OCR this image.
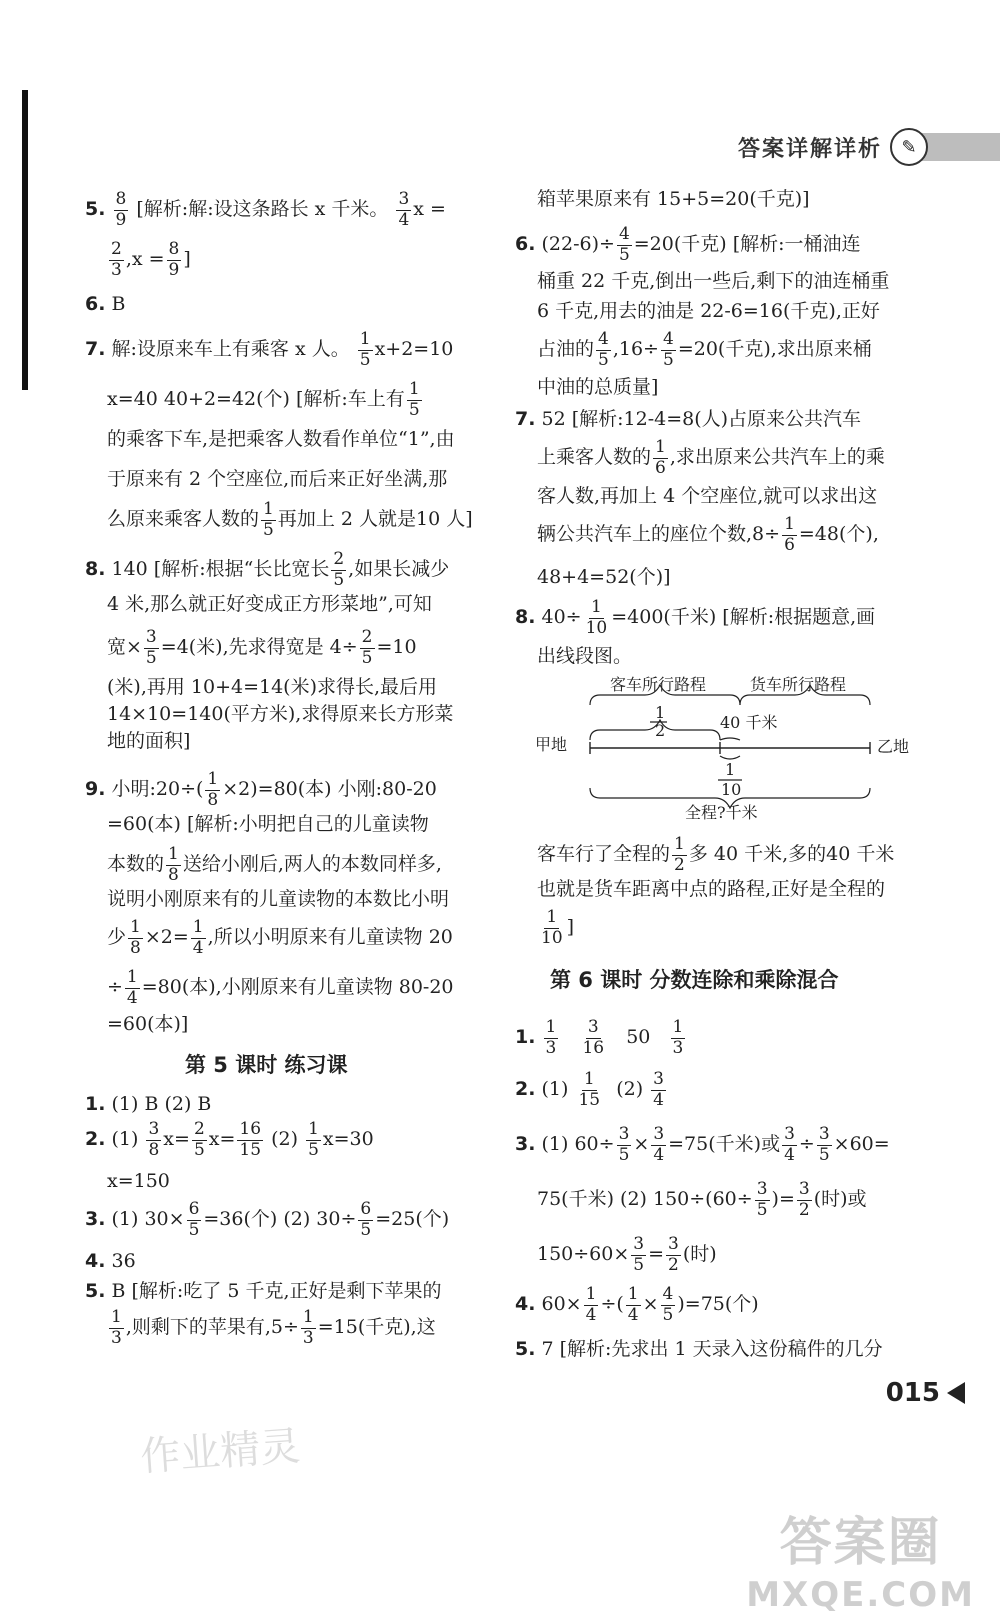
答案详解详析	✎
5. $\frac{8}{9}$ [解析:解:设这条路长 x 千米。 $\frac{3}{4}$ x =
$\frac{2}{3} ,x = \frac{8}{9}$ ]
6. B
7. 解:设原来车上有乘客 x 人。 $\frac{1}{5} x+2=10$
x=40 40+2=42(个) [解析:车上有 $\frac{1}{5}$
的乘客下车,是把乘客人数看作单位“1”,由
于原来有 2 个空座位,而后来正好坐满,那
么原来乘客人数的 $\frac{1}{5}$ 再加上 2 人就是10 人]
8. 140 [解析:根据“长比宽长 $\frac{2}{5}$ ,如果长减少
4 米,那么就正好变成正方形菜地”,可知
宽× $\frac{3}{5} =4$(米),先求得宽是 $4\div \frac{2}{5} =10$
(米),再用 10+4=14(米)求得长,最后用
14×10=140(平方米),求得原来长方形菜
地的面积]
9. 小明:20÷( $\frac{1}{8} \times 2)=80$(本) 小刚:80-20
=60(本) [解析:小明把自己的儿童读物
本数的 $\frac{1}{8}$ 送给小刚后,两人的本数同样多,
说明小刚原来有的儿童读物的本数比小明
少 $\frac{1}{8} \times 2= \frac{1}{4}$ ,所以小明原来有儿童读物 20
÷ $\frac{1}{4} =80$(本),小刚原来有儿童读物 80-20
=60(本)]
第 5 课时 练习课
1. (1) B (2) B
2. $(1) \frac{3}{8} x= \frac{2}{5} x= \frac{16}{15} (2) \frac{1}{5} x=30$
x=150
3. (1) $30\times \frac{6}{5} =36$(个) (2) $30\div \frac{6}{5} =25$(个)
4. 36
5. B [解析:吃了 5 千克,正好是剩下苹果的
$\frac{1}{3}$ ,则剩下的苹果有$,5\div \frac{1}{3} =15$(千克),这
箱苹果原来有 15+5=20(千克)]
6. $(22-6)\div \frac{4}{5} =20$(千克) [解析:一桶油连
桶重 22 千克,倒出一些后,剩下的油连桶重
6 千克,用去的油是 22-6=16(千克),正好
占油的 $\frac{4}{5} ,16\div \frac{4}{5} =20$(千克),求出原来桶
中油的总质量]
7. 52 [解析:12-4=8(人)占原来公共汽车
上乘客人数的 $\frac{1}{6}$ ,求出原来公共汽车上的乘
客人数,再加上 4 个空座位,就可以求出这
辆公共汽车上的座位个数$,8\div \frac{1}{6} =48$(个),
48+4=52(个)]
8. $40\div \frac{1}{10} =400$(千米) [解析:根据题意,画
出线段图。
客车行了全程的 $\frac{1}{2}$ 多 40 千米,多的40 千米
也就是货车距离中点的路程,正好是全程的
$\frac{1}{10}$ ]
第 6 课时 分数连除和乘除混合
1. $\frac{1}{3}$
$\frac{3}{16} 50 \frac{1}{3}$
2. $(1) \frac{1}{15} (2) \frac{3}{4}$
3. (1) $60\div \frac{3}{5} \times \frac{3}{4} =75$(千米)或 $\frac{3}{4} \div \frac{3}{5} \times 60=$
75(千米) (2) $150\div(60\div \frac{3}{5}$ )= $\frac{3}{2}$ (时)或
$150\div 60\times \frac{3}{5} = \frac{3}{2}$ (时)
4. $60\times \frac{1}{4}$ ÷( $\frac{1}{4} \times \frac{4}{5} )=75$(个)
5. 7 [解析:先求出 1 天录入这份稿件的几分
客车所行路程	货车所行路程
1
2	40 千米
甲地	乙地
1
10
全程?千米
015
作业精灵
答案圈
MXQE.COM
